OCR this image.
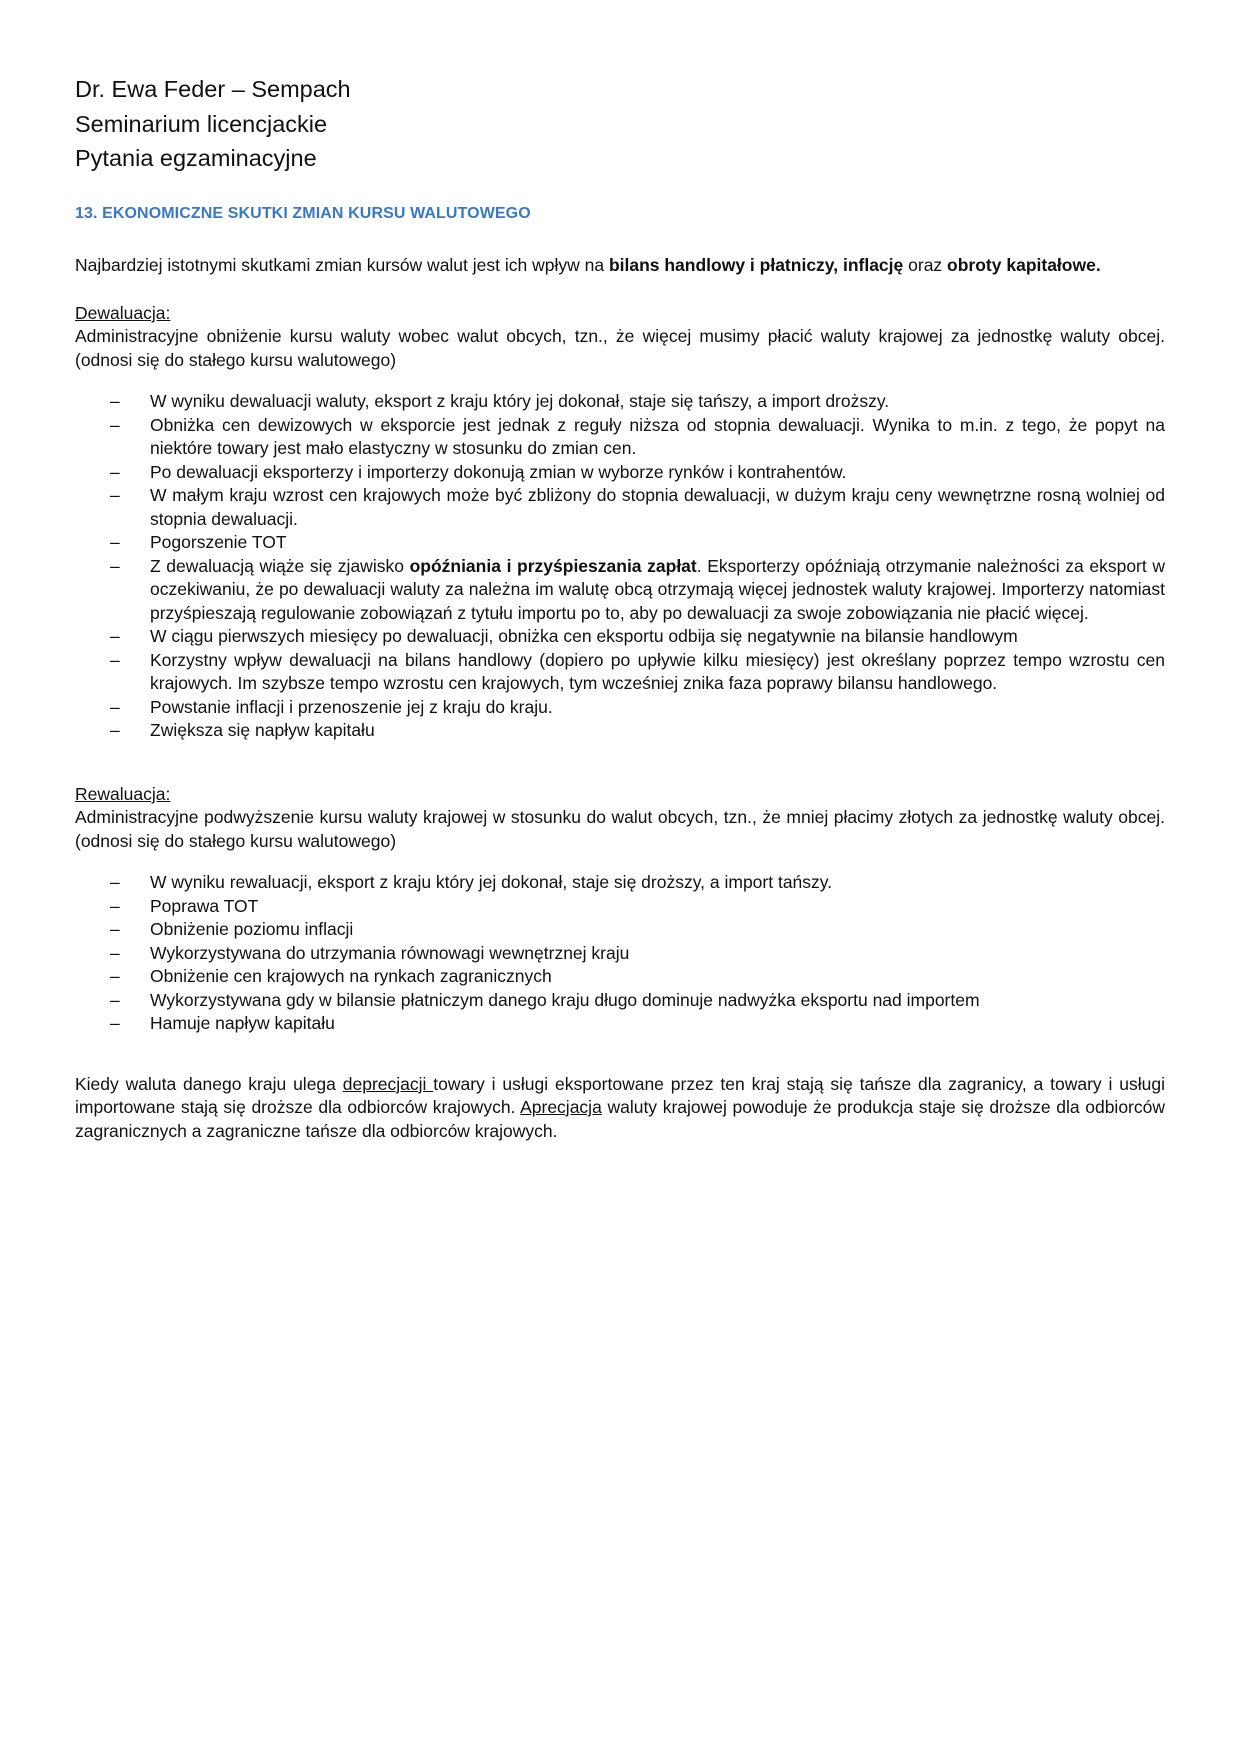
Dr. Ewa Feder – Sempach
Seminarium licencjackie
Pytania egzaminacyjne
13. EKONOMICZNE SKUTKI ZMIAN KURSU WALUTOWEGO

Najbardziej istotnymi skutkami zmian kursów walut jest ich wpływ na bilans handlowy i płatniczy, inflację oraz obroty kapitałowe.

Dewaluacja:
Administracyjne obniżenie kursu waluty wobec walut obcych, tzn., że więcej musimy płacić waluty krajowej za jednostkę waluty obcej. (odnosi się do stałego kursu walutowego)
– W wyniku dewaluacji waluty, eksport z kraju który jej dokonał, staje się tańszy, a import droższy.
– Obniżka cen dewizowych w eksporcie jest jednak z reguły niższa od stopnia dewaluacji. Wynika to m.in. z tego, że popyt na niektóre towary jest mało elastyczny w stosunku do zmian cen.
– Po dewaluacji eksporterzy i importerzy dokonują zmian w wyborze rynków i kontrahentów.
– W małym kraju wzrost cen krajowych może być zbliżony do stopnia dewaluacji, w dużym kraju ceny wewnętrzne rosną wolniej od stopnia dewaluacji.
– Pogorszenie TOT
– Z dewaluacją wiąże się zjawisko opóźniania i przyśpieszania zapłat. Eksporterzy opóźniają otrzymanie należności za eksport w oczekiwaniu, że po dewaluacji waluty za należna im walutę obcą otrzymają więcej jednostek waluty krajowej. Importerzy natomiast przyśpieszają regulowanie zobowiązań z tytułu importu po to, aby po dewaluacji za swoje zobowiązania nie płacić więcej.
– W ciągu pierwszych miesięcy po dewaluacji, obniżka cen eksportu odbija się negatywnie na bilansie handlowym
– Korzystny wpływ dewaluacji na bilans handlowy (dopiero po upływie kilku miesięcy) jest określany poprzez tempo wzrostu cen krajowych. Im szybsze tempo wzrostu cen krajowych, tym wcześniej znika faza poprawy bilansu handlowego.
– Powstanie inflacji i przenoszenie jej z kraju do kraju.
– Zwiększa się napływ kapitału
Rewaluacja:
Administracyjne podwyższenie kursu waluty krajowej w stosunku do walut obcych, tzn., że mniej płacimy złotych za jednostkę waluty obcej. (odnosi się do stałego kursu walutowego)
– W wyniku rewaluacji, eksport z kraju który jej dokonał, staje się droższy, a import tańszy.
– Poprawa TOT
– Obniżenie poziomu inflacji
– Wykorzystywana do utrzymania równowagi wewnętrznej kraju
– Obniżenie cen krajowych na rynkach zagranicznych
– Wykorzystywana gdy w bilansie płatniczym danego kraju długo dominuje nadwyżka eksportu nad importem
– Hamuje napływ kapitału

Kiedy waluta danego kraju ulega deprecjacji towary i usługi eksportowane przez ten kraj stają się tańsze dla zagranicy, a towary i usługi importowane stają się droższe dla odbiorców krajowych. Aprecjacja waluty krajowej powoduje że produkcja staje się droższe dla odbiorców zagranicznych a zagraniczne tańsze dla odbiorców krajowych.
